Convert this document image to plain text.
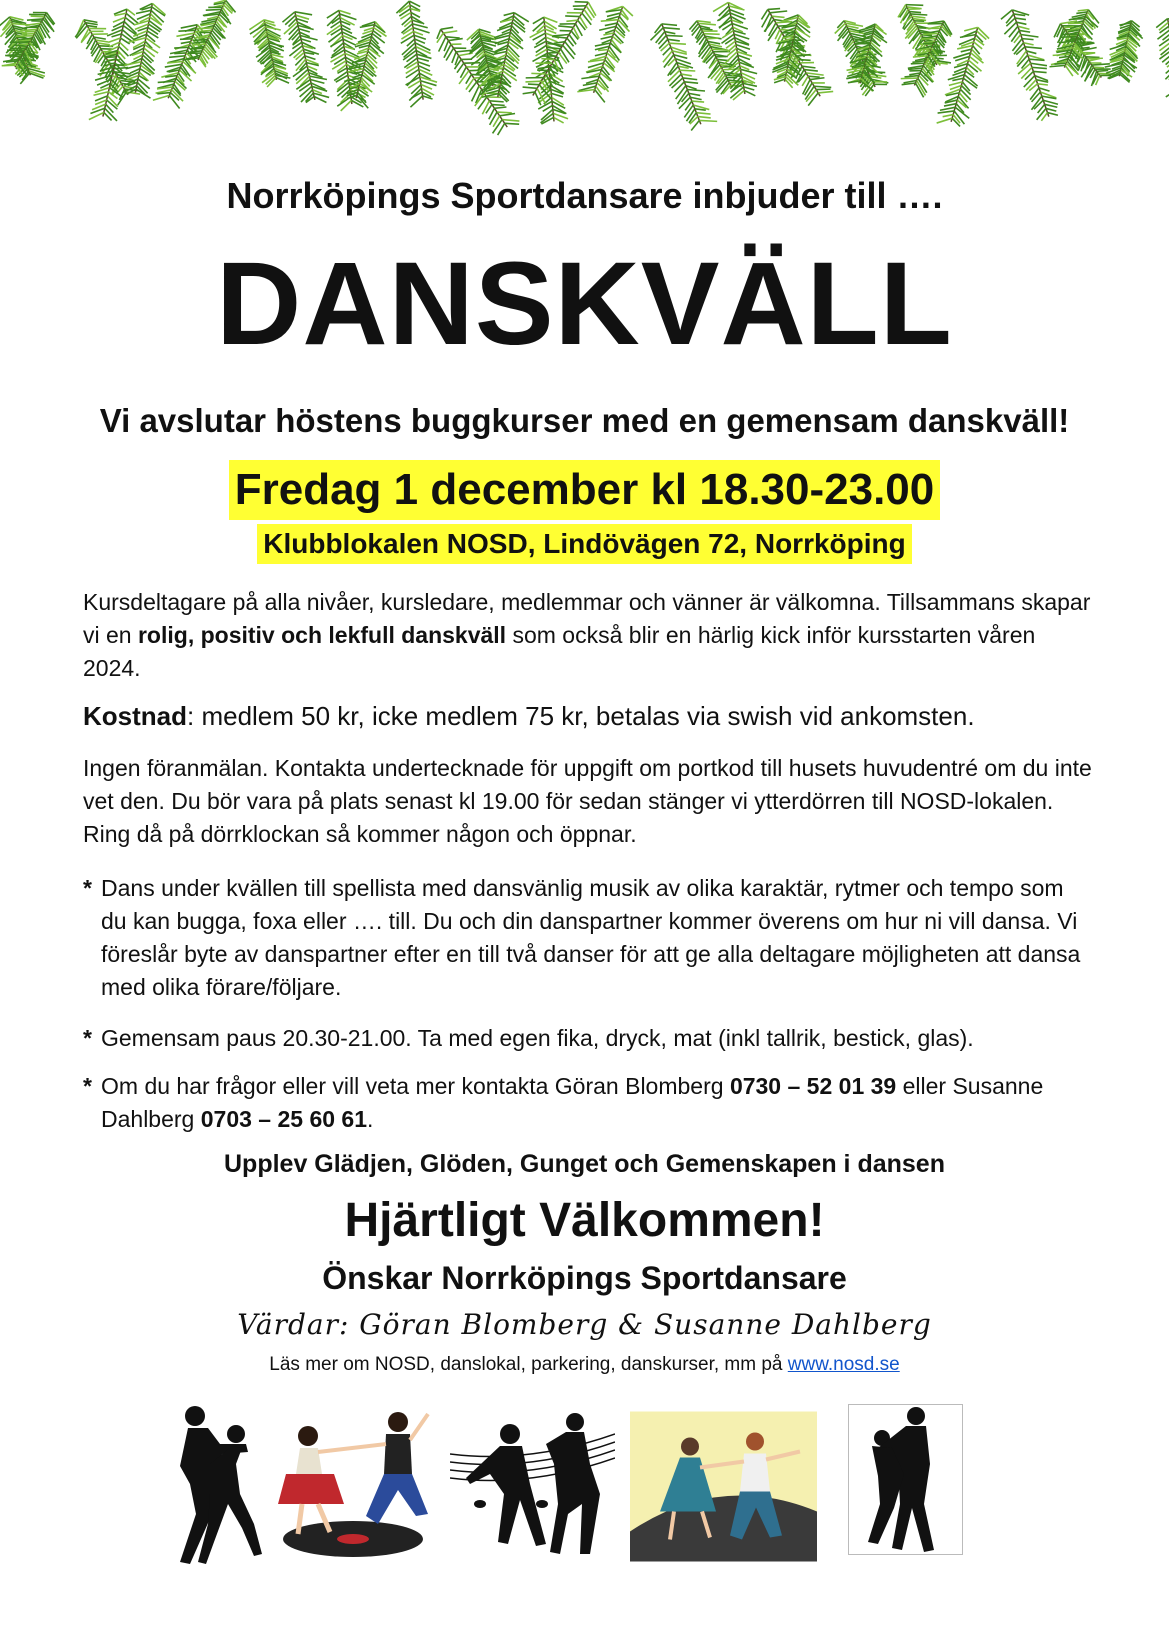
Norrköpings Sportdansare inbjuder till ….
DANSKVÄLL
Vi avslutar höstens buggkurser med en gemensam danskväll!
Fredag 1 december kl 18.30-23.00
Klubblokalen NOSD, Lindövägen 72, Norrköping
Kursdeltagare på alla nivåer, kursledare, medlemmar och vänner är välkomna. Tillsammans skapar vi en rolig, positiv och lekfull danskväll som också blir en härlig kick inför kursstarten våren 2024.
Kostnad: medlem 50 kr, icke medlem 75 kr, betalas via swish vid ankomsten.
Ingen föranmälan. Kontakta undertecknade för uppgift om portkod till husets huvudentré om du inte vet den. Du bör vara på plats senast kl 19.00 för sedan stänger vi ytterdörren till NOSD-lokalen. Ring då på dörrklockan så kommer någon och öppnar.
* Dans under kvällen till spellista med dansvänlig musik av olika karaktär, rytmer och tempo som du kan bugga, foxa eller …. till. Du och din danspartner kommer överens om hur ni vill dansa. Vi föreslår byte av danspartner efter en till två danser för att ge alla deltagare möjligheten att dansa med olika förare/följare.
* Gemensam paus 20.30-21.00. Ta med egen fika, dryck, mat (inkl tallrik, bestick, glas).
* Om du har frågor eller vill veta mer kontakta Göran Blomberg 0730 – 52 01 39 eller Susanne Dahlberg 0703 – 25 60 61.
Upplev Glädjen, Glöden, Gunget och Gemenskapen i dansen
Hjärtligt Välkommen!
Önskar Norrköpings Sportdansare
Värdar: Göran Blomberg & Susanne Dahlberg
Läs mer om NOSD, danslokal, parkering, danskurser, mm på www.nosd.se
